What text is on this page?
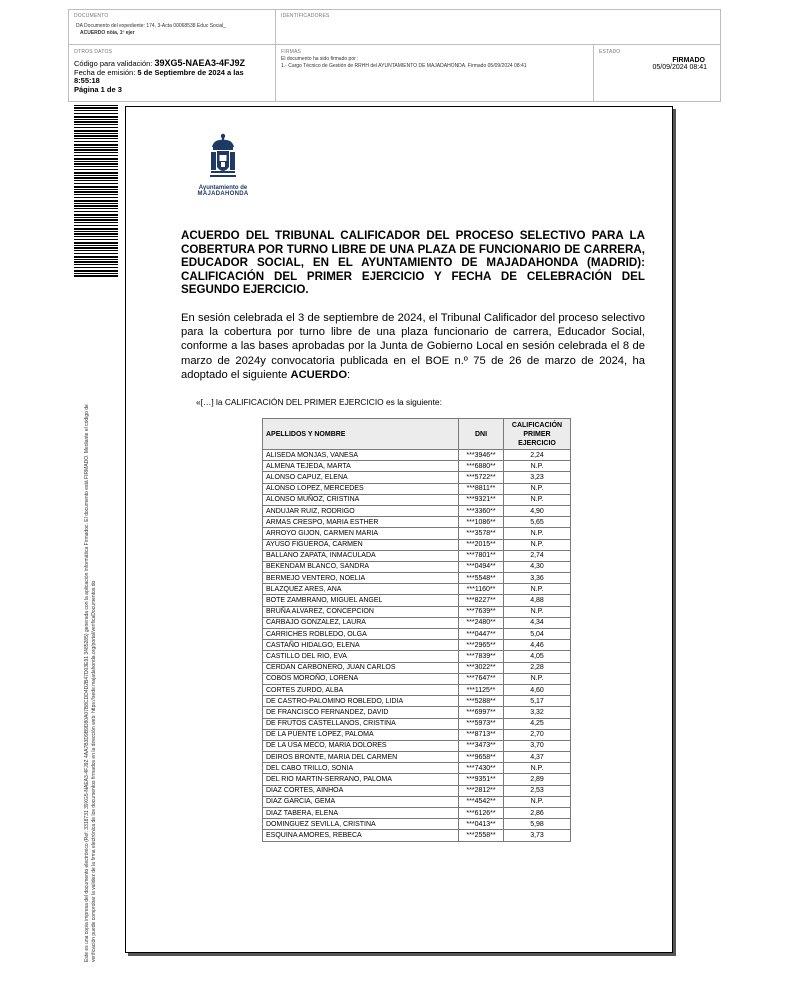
DOCUMENTO
DA Documento del expediente: 174, 3-Acta 00068538 Educ Social_
ACUERDO nöia, 1º ejer
IDENTIFICADORES
OTROS DATOS
Código para validación: 39XG5-NAEA3-4FJ9Z
Fecha de emisión: 5 de Septiembre de 2024 a las 8:55:18
Página 1 de 3
FIRMAS
El documento ha sido firmado por :
1.- Cargo Técnico de Gestión de RRHH del AYUNTAMIENTO DE MAJADAHONDA. Firmado 05/09/2024 08:41
ESTADO
FIRMADO
05/09/2024 08:41
Este es una copia impresa del documento electrónico (Ref: 3318731 39XG5-NAEA3-4FJ9Z 4AA7B3D9B9D80A07B8CDD4D2B47D03E91 3485285) generada con la aplicación informática Firmadoc. El documento está FIRMADO. Mediante el código de verificación puede comprobar la validez de la firma electrónica de los documentos firmados en la dirección web: https://sede.majadahonda.org/portal/verificaDocumentos.do
Ayuntamiento de
MAJADAHONDA
ACUERDO DEL TRIBUNAL CALIFICADOR DEL PROCESO SELECTIVO PARA LA COBERTURA POR TURNO LIBRE DE UNA PLAZA DE FUNCIONARIO DE CARRERA, EDUCADOR SOCIAL, EN EL AYUNTAMIENTO DE MAJADAHONDA (MADRID): CALIFICACIÓN DEL PRIMER EJERCICIO Y FECHA DE CELEBRACIÓN DEL SEGUNDO EJERCICIO.
En sesión celebrada el 3 de septiembre de 2024, el Tribunal Calificador del proceso selectivo para la cobertura por turno libre de una plaza funcionario de carrera, Educador Social, conforme a las bases aprobadas por la Junta de Gobierno Local en sesión celebrada el 8 de marzo de 2024y convocatoria publicada en el BOE n.º 75 de 26 de marzo de 2024, ha adoptado el siguiente ACUERDO:
«[…] la CALIFICACIÓN DEL PRIMER EJERCICIO es la siguiente:
APELLIDOS Y NOMBRE	DNI	CALIFICACIÓN PRIMER EJERCICIO
ALISEDA MONJAS, VANESA	***3946**	2,24
ALMENA TEJEDA, MARTA	***6880**	N.P.
ALONSO CAPUZ, ELENA	***5722**	3,23
ALONSO LOPEZ, MERCEDES	***8811**	N.P.
ALONSO MUÑOZ, CRISTINA	***9321**	N.P.
ANDUJAR RUIZ, RODRIGO	***3360**	4,90
ARMAS CRESPO, MARIA ESTHER	***1086**	5,65
ARROYO GIJON, CARMEN MARIA	***3578**	N.P.
AYUSO FIGUEROA, CARMEN	***2015**	N.P.
BALLANO ZAPATA, INMACULADA	***7801**	2,74
BEKENDAM BLANCO, SANDRA	***0494**	4,30
BERMEJO VENTERO, NOELIA	***5548**	3,36
BLAZQUEZ ARES, ANA	***1160**	N.P.
BOTE ZAMBRANO, MIGUEL ANGEL	***8227**	4,88
BRUÑA ALVAREZ, CONCEPCION	***7639**	N.P.
CARBAJO GONZALEZ, LAURA	***2480**	4,34
CARRICHES ROBLEDO, OLGA	***0447**	5,04
CASTAÑO HIDALGO, ELENA	***2965**	4,46
CASTILLO DEL RIO, EVA	***7839**	4,05
CERDAN CARBONERO, JUAN CARLOS	***3022**	2,28
COBOS MOROÑO, LORENA	***7647**	N.P.
CORTES ZURDO, ALBA	***1125**	4,60
DE CASTRO-PALOMINO ROBLEDO, LIDIA	***5288**	5,17
DE FRANCISCO FERNANDEZ, DAVID	***6997**	3,32
DE FRUTOS CASTELLANOS, CRISTINA	***5973**	4,25
DE LA PUENTE LOPEZ, PALOMA	***8713**	2,70
DE LA USA MECO, MARIA DOLORES	***3473**	3,70
DEIROS BRONTE, MARIA DEL CARMEN	***9658**	4,37
DEL CABO TRILLO, SONIA	***7430**	N.P.
DEL RIO MARTIN-SERRANO, PALOMA	***9351**	2,89
DIAZ CORTES, AINHOA	***2812**	2,53
DIAZ GARCIA, GEMA	***4542**	N.P.
DIAZ TABERA, ELENA	***6126**	2,86
DOMINGUEZ SEVILLA, CRISTINA	***0413**	5,98
ESQUINA AMORES, REBECA	***2558**	3,73
